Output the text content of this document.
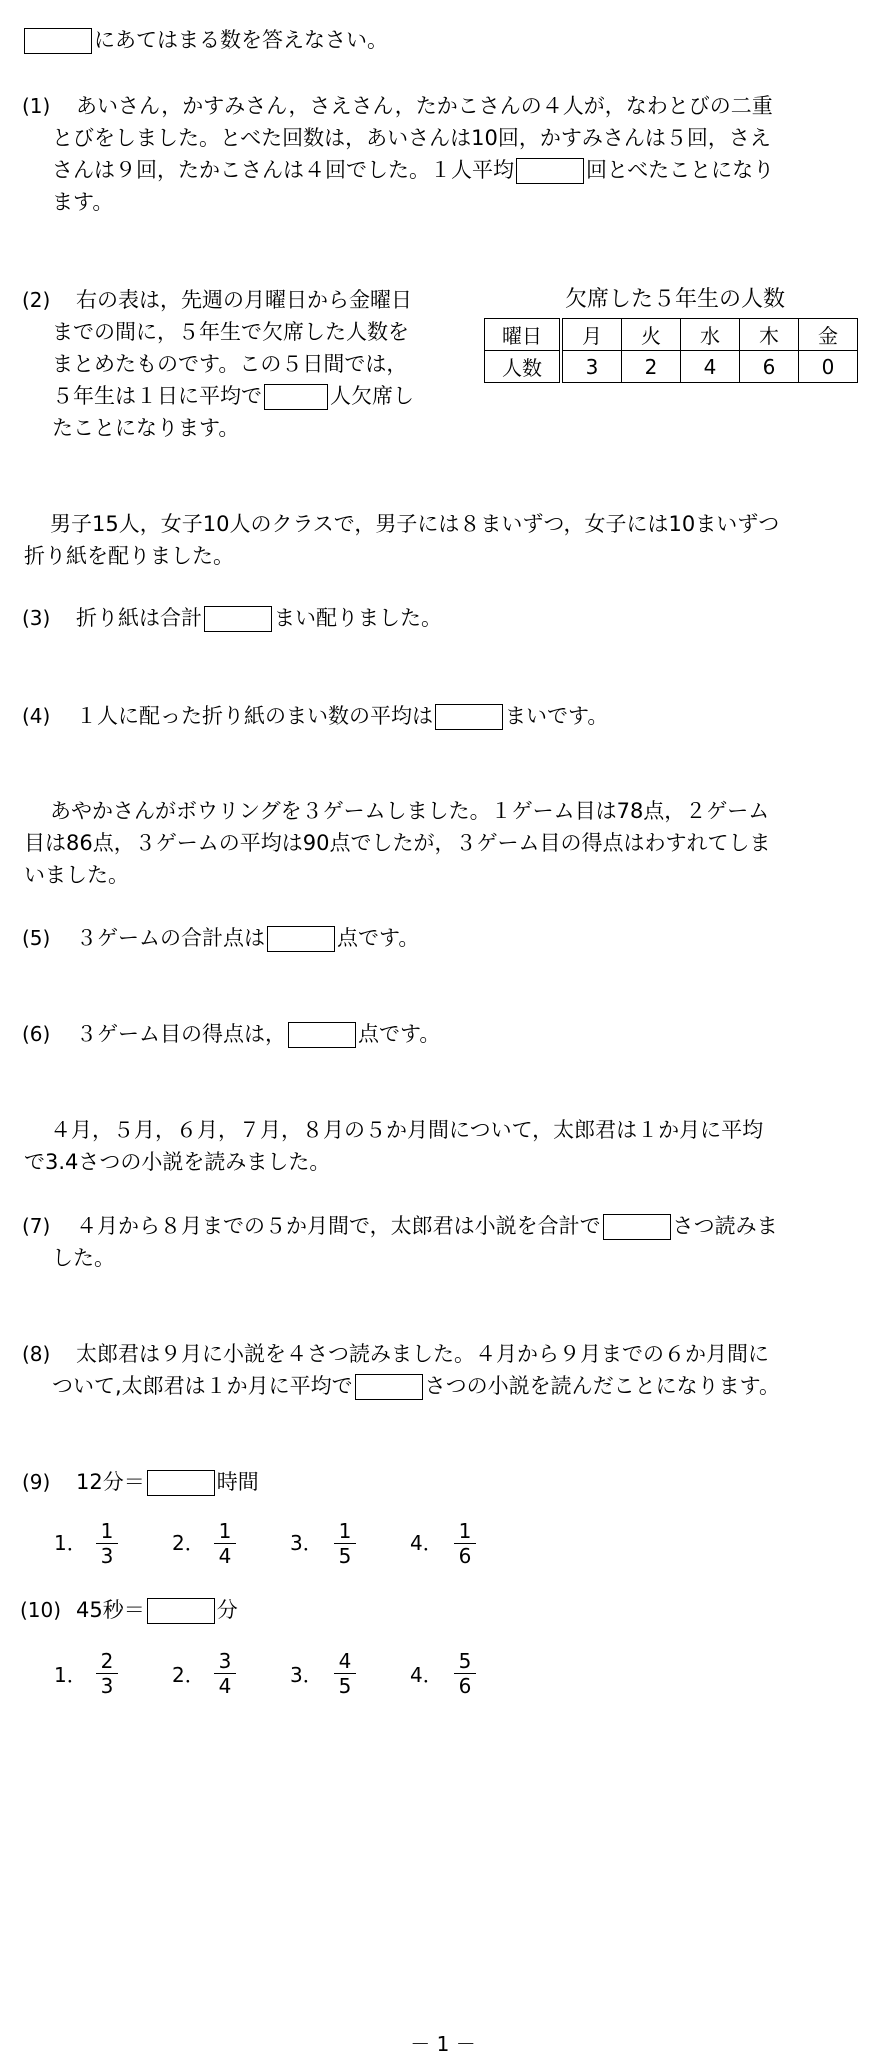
にあてはまる数を答えなさい。
(1) あいさん，かすみさん，さえさん，たかこさんの４人が，なわとびの二重
とびをしました。とべた回数は，あいさんは10回，かすみさんは５回，さえ
さんは９回，たかこさんは４回でした。１人平均	回とべたことになり
ます。
(2) 右の表は，先週の月曜日から金曜日
までの間に，５年生で欠席した人数を
まとめたものです。この５日間では，
５年生は１日に平均で	人欠席し
たことになります。
欠席した５年生の人数
曜日	月	火	水	木	金
人数	3	2	4	6	0
男子15人，女子10人のクラスで，男子には８まいずつ，女子には10まいずつ
折り紙を配りました。
(3) 折り紙は合計	まい配りました。
(4) １人に配った折り紙のまい数の平均は	まいです。
あやかさんがボウリングを３ゲームしました。１ゲーム目は78点，２ゲーム
目は86点，３ゲームの平均は90点でしたが，３ゲーム目の得点はわすれてしま
いました。
(5) ３ゲームの合計点は	点です。
(6) ３ゲーム目の得点は，	点です。
４月，５月，６月，７月，８月の５か月間について，太郎君は１か月に平均
で3.4さつの小説を読みました。
(7) ４月から８月までの５か月間で，太郎君は小説を合計で	さつ読みま
した。
(8) 太郎君は９月に小説を４さつ読みました。４月から９月までの６か月間に
ついて,太郎君は１か月に平均で	さつの小説を読んだことになります。
(9) 12分＝	時間
1． 1
3
2． 1
4
3． 1
5
4． 1
6
(10) 45秒＝	分
1．
2
3	2．
3
4	3．
4
5	4．
5
6
－ 1 －
